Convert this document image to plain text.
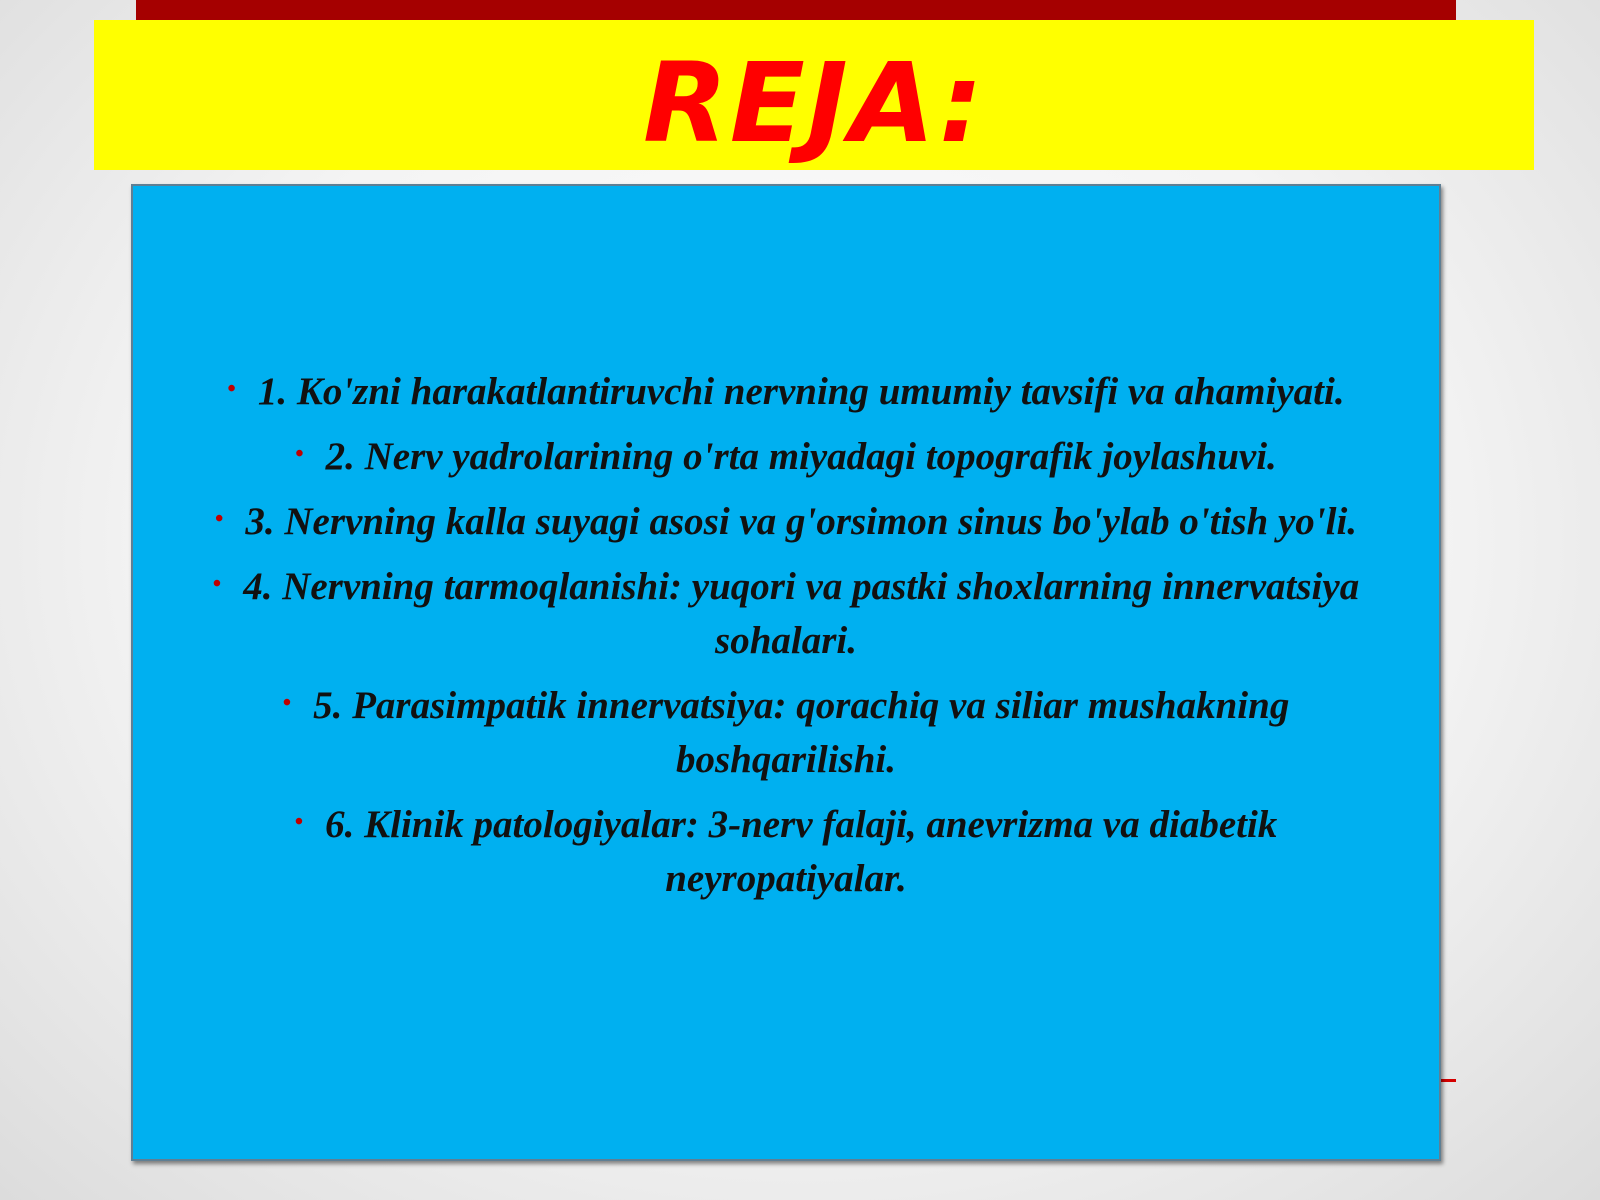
REJA:
• 1. Ko'zni harakatlantiruvchi nervning umumiy tavsifi va ahamiyati.
• 2. Nerv yadrolarining o'rta miyadagi topografik joylashuvi.
• 3. Nervning kalla suyagi asosi va g'orsimon sinus bo'ylab o'tish yo'li.
• 4. Nervning tarmoqlanishi: yuqori va pastki shoxlarning innervatsiya sohalari.
• 5. Parasimpatik innervatsiya: qorachiq va siliar mushakning boshqarilishi.
• 6. Klinik patologiyalar: 3-nerv falaji, anevrizma va diabetik neyropatiyalar.
